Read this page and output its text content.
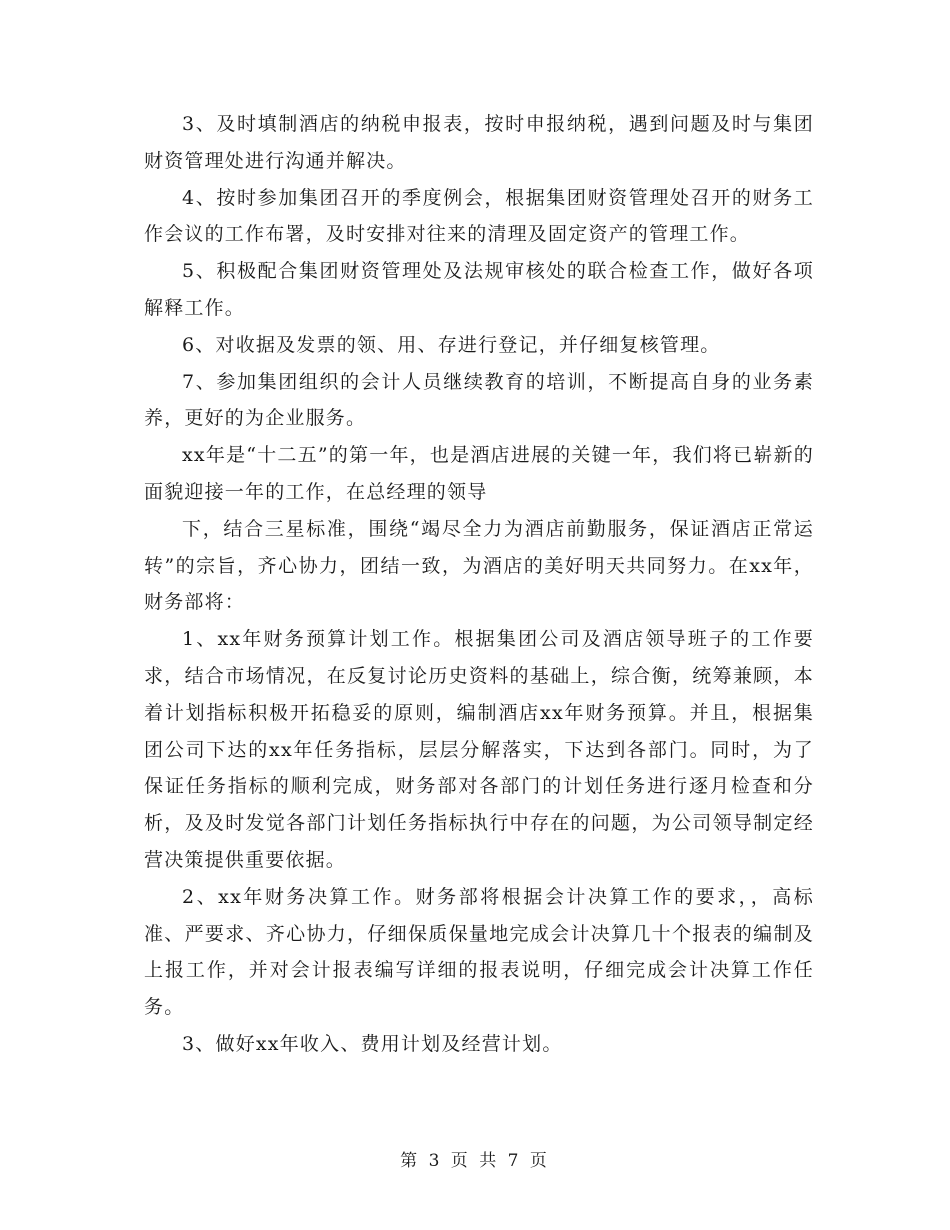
3、及时填制酒店的纳税申报表，按时申报纳税，遇到问题及时与集团财资管理处进行沟通并解决。

4、按时参加集团召开的季度例会，根据集团财资管理处召开的财务工作会议的工作布署，及时安排对往来的清理及固定资产的管理工作。

5、积极配合集团财资管理处及法规审核处的联合检查工作，做好各项解释工作。

6、对收据及发票的领、用、存进行登记，并仔细复核管理。

7、参加集团组织的会计人员继续教育的培训，不断提高自身的业务素养，更好的为企业服务。

xx年是“十二五”的第一年，也是酒店进展的关键一年，我们将已崭新的面貌迎接一年的工作，在总经理的领导

下，结合三星标准，围绕“竭尽全力为酒店前勤服务，保证酒店正常运转”的宗旨，齐心协力，团结一致，为酒店的美好明天共同努力。在xx年，财务部将：

1、xx年财务预算计划工作。根据集团公司及酒店领导班子的工作要求，结合市场情况，在反复讨论历史资料的基础上，综合衡，统筹兼顾，本着计划指标积极开拓稳妥的原则，编制酒店xx年财务预算。并且，根据集团公司下达的xx年任务指标，层层分解落实，下达到各部门。同时，为了保证任务指标的顺利完成，财务部对各部门的计划任务进行逐月检查和分析，及及时发觉各部门计划任务指标执行中存在的问题，为公司领导制定经营决策提供重要依据。

2、xx年财务决算工作。财务部将根据会计决算工作的要求，，高标准、严要求、齐心协力，仔细保质保量地完成会计决算几十个报表的编制及上报工作，并对会计报表编写详细的报表说明，仔细完成会计决算工作任务。

3、做好xx年收入、费用计划及经营计划。

第 3 页 共 7 页
